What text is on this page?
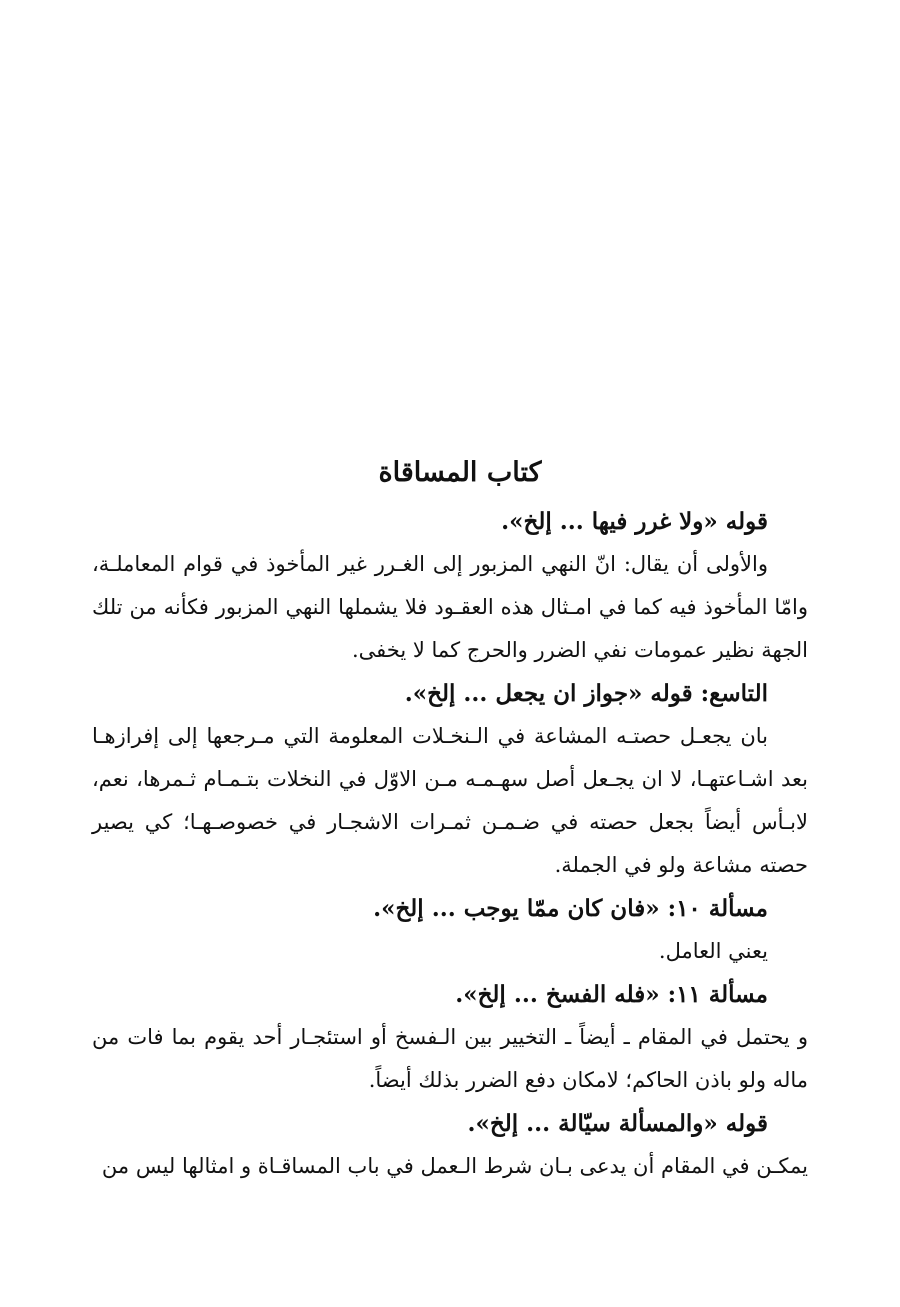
كتاب المساقاة
قوله «ولا غرر فيها ... إلخ».

والأولى أن يقال: انّ النهي المزبور إلى الغـرر غير المأخوذ في قوام المعاملـة، وامّا المأخوذ فيه كما في امـثال هذه العقـود فلا يشملها النهي المزبور فكأنه من تلك الجهة نظير عمومات نفي الضرر والحرج كما لا يخفى.

التاسع: قوله «جواز ان يجعل ... إلخ».

بان يجعـل حصتـه المشاعة في الـنخـلات المعلومة التي مـرجعها إلى إفرازهـا بعد اشـاعتهـا، لا ان يجـعل أصل سهـمـه مـن الاوّل في النخلات بتـمـام ثـمرها، نعم، لابـأس أيضاً بجعل حصته في ضـمـن ثمـرات الاشجـار في خصوصـهـا؛ كي يصير حصته مشاعة ولو في الجملة.

مسألة ١٠: «فان كان ممّا يوجب ... إلخ».

يعني العامل.

مسألة ١١: «فله الفسخ ... إلخ».

و يحتمل في المقام ـ أيضاً ـ التخيير بين الـفسخ أو استئجـار أحد يقوم بما فات من ماله ولو باذن الحاكم؛ لامكان دفع الضرر بذلك أيضاً.

قوله «والمسألة سيّالة ... إلخ».

يمكـن في المقام أن يدعى بـان شرط الـعمل في باب المساقـاة و امثالها ليس من
